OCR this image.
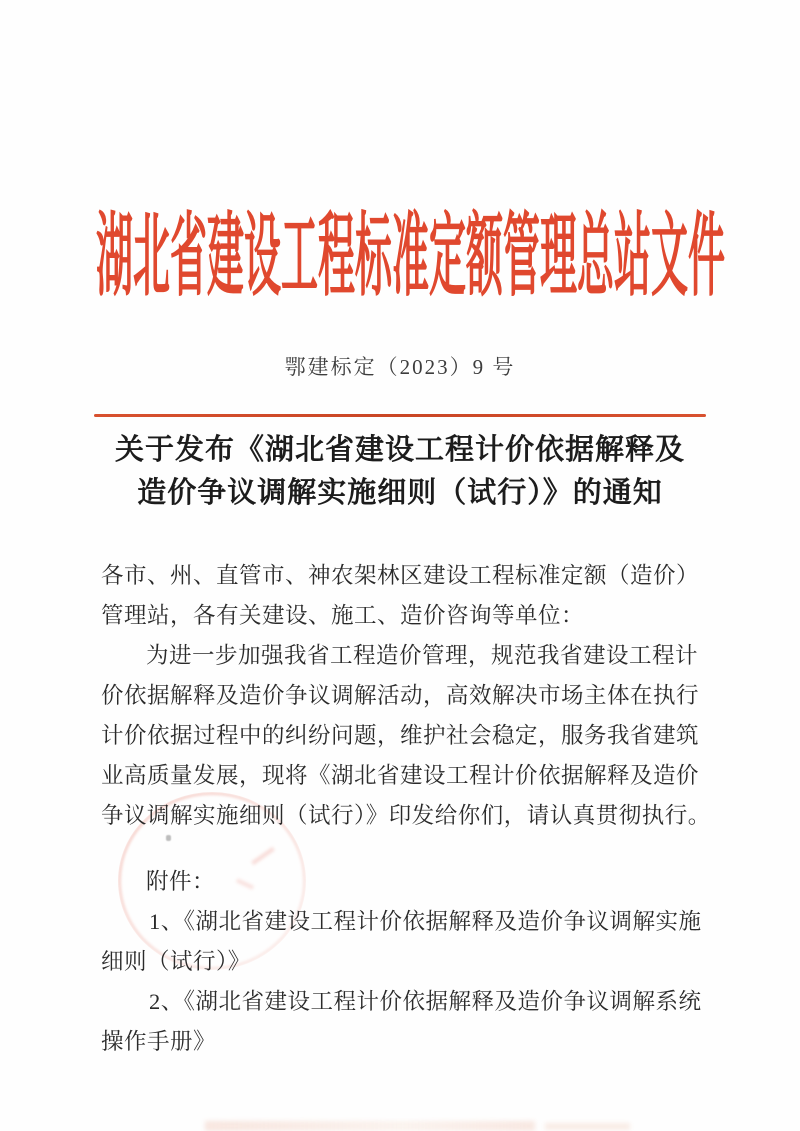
湖北省建设工程标准定额管理总站文件
鄂建标定（2023）9 号
关于发布《湖北省建设工程计价依据解释及
造价争议调解实施细则（试行）》的通知
各市、州、直管市、神农架林区建设工程标准定额（造价）
管理站，各有关建设、施工、造价咨询等单位：
为进一步加强我省工程造价管理，规范我省建设工程计
价依据解释及造价争议调解活动，高效解决市场主体在执行
计价依据过程中的纠纷问题，维护社会稳定，服务我省建筑
业高质量发展，现将《湖北省建设工程计价依据解释及造价
争议调解实施细则（试行）》印发给你们，请认真贯彻执行。
附件：
1、《湖北省建设工程计价依据解释及造价争议调解实施
细则（试行）》
2、《湖北省建设工程计价依据解释及造价争议调解系统
操作手册》
